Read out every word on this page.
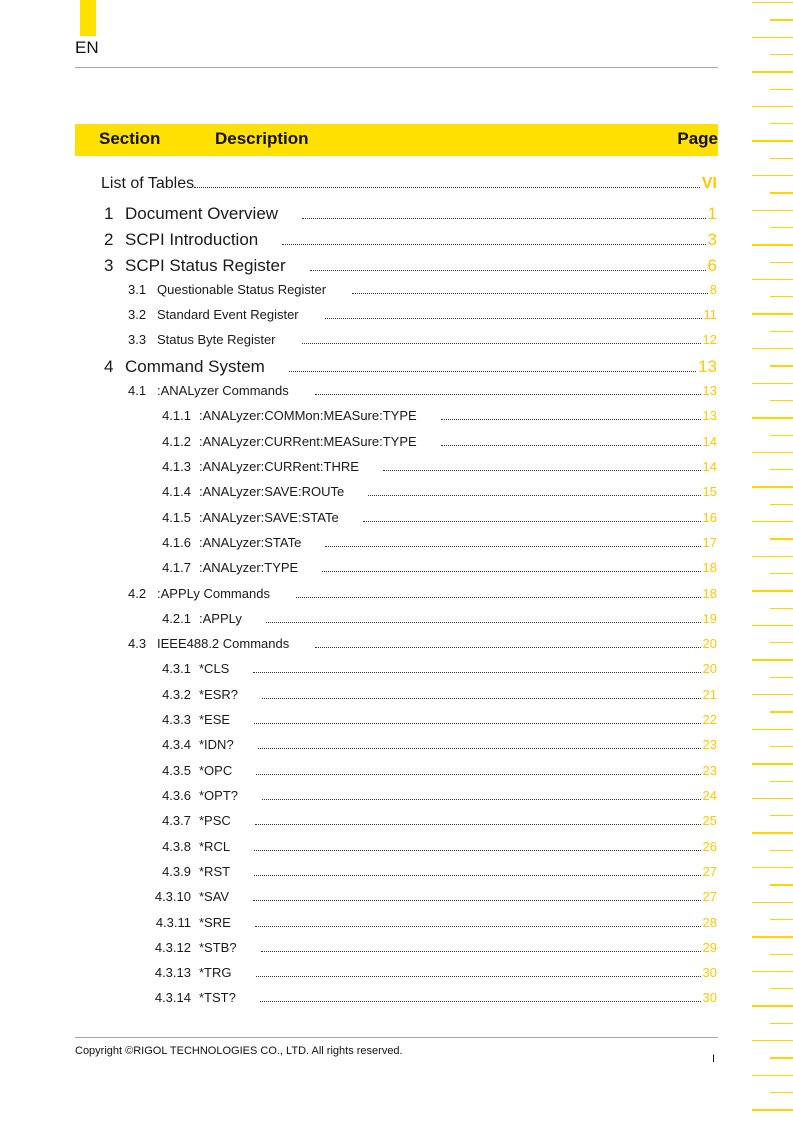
EN
Section	Description	Page
List of Tables	VI
1 Document Overview	1
2 SCPI Introduction	3
3 SCPI Status Register	6
3.1 Questionable Status Register	8
3.2 Standard Event Register	11
3.3 Status Byte Register	12
4 Command System	13
4.1 :ANALyzer Commands	13
4.1.1 :ANALyzer:COMMon:MEASure:TYPE	13
4.1.2 :ANALyzer:CURRent:MEASure:TYPE	14
4.1.3 :ANALyzer:CURRent:THRE	14
4.1.4 :ANALyzer:SAVE:ROUTe	15
4.1.5 :ANALyzer:SAVE:STATe	16
4.1.6 :ANALyzer:STATe	17
4.1.7 :ANALyzer:TYPE	18
4.2 :APPLy Commands	18
4.2.1 :APPLy	19
4.3 IEEE488.2 Commands	20
4.3.1 *CLS	20
4.3.2 *ESR?	21
4.3.3 *ESE	22
4.3.4 *IDN?	23
4.3.5 *OPC	23
4.3.6 *OPT?	24
4.3.7 *PSC	25
4.3.8 *RCL	26
4.3.9 *RST	27
4.3.10 *SAV	27
4.3.11 *SRE	28
4.3.12 *STB?	29
4.3.13 *TRG	30
4.3.14 *TST?	30
Copyright ©RIGOL TECHNOLOGIES CO., LTD. All rights reserved.
I
